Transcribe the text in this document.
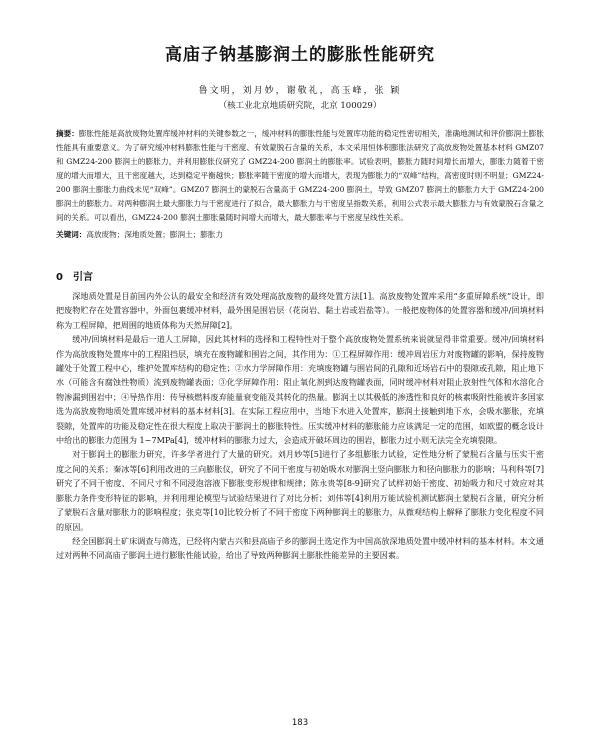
高庙子钠基膨润土的膨胀性能研究

鲁文明，刘月妙，谢敬礼，高玉峰，张 颖

（核工业北京地质研究院，北京 100029）

摘要：膨胀性能是高放废物处置库缓冲材料的关键参数之一，缓冲材料的膨胀性能与处置库功能的稳定性密切相关，准确地测试和评价膨润土膨胀性能具有重要意义。为了研究缓冲材料膨胀性能与干密度、有效蒙脱石含量的关系，本文采用恒体积膨胀法研究了高放废物处置基本材料 GMZ07 和 GMZ24-200 膨润土的膨胀力，并利用膨胀仪研究了 GMZ24-200 膨润土的膨胀率。试验表明，膨胀力随时间增长而增大，膨胀力随着干密度的增大而增大，且干密度越大，达到稳定平衡越快；膨胀率随干密度的增大而增大，表现为膨胀力的“双峰”结构，高密度时则不明显；GMZ24-200 膨润土膨胀力曲线未见“双峰”。GMZ07 膨润土的蒙脱石含量高于 GMZ24-200 膨润土，导致 GMZ07 膨润土的膨胀力大于 GMZ24-200 膨润土的膨胀力。对两种膨润土最大膨胀力与干密度进行了拟合，最大膨胀力与干密度呈指数关系，利用公式表示最大膨胀力与有效蒙脱石含量之间的关系。可以看出，GMZ24-200 膨润土膨胀量随时间增大而增大，最大膨胀率与干密度呈线性关系。

关键词：高放废物；深地质处置；膨润土；膨胀力

0 引言

深地质处置是目前国内外公认的最安全和经济有效处理高放废物的最终处置方法[1]。高放废物处置库采用“多重屏障系统”设计，即把废物贮存在处置容器中，外面包裹缓冲材料，最外围是围岩层（花岗岩、黏土岩或岩盐等）。一般把废物体的处置容器和缓冲/回填材料称为工程屏障，把周围的地质体称为天然屏障[2]。

缓冲/回填材料是最后一道人工屏障，因此其材料的选择和工程特性对于整个高放废物处置系统来说就显得非常重要。缓冲/回填材料作为高放废物处置库中的工程阻挡层，填充在废物罐和围岩之间，其作用为：①工程屏障作用：缓冲周岩压力对废物罐的影响，保持废物罐处于处置工程中心，维护处置库结构的稳定性；②水力学屏障作用：充填废物罐与围岩间的孔隙和近场岩石中的裂隙或孔隙，阻止地下水（可能含有腐蚀性物质）流到废物罐表面；③化学屏障作用：阻止氧化剂到达废物罐表面，同时缓冲材料对阻止放射性气体和水溶化合物渗漏到围岩中；④导热作用：传导核燃料废弃能量衰变能及其转化的热量。膨润土以其极低的渗透性和良好的核素吸附性能被许多国家选为高放废物地质处置库缓冲材料的基本材料[3]。在实际工程应用中，当地下水进入处置库，膨润土接触到地下水，会吸水膨胀，充填裂隙，处置库的功能及稳定性在很大程度上取决于膨润土的膨胀特性。压实缓冲材料的膨胀能力应该满足一定的范围，如欧盟的概念设计中给出的膨胀力范围为 1~7MPa[4]，缓冲材料的膨胀力过大，会造成开破坏周边的围岩，膨胀力过小则无法完全充填裂隙。

对于膨润土的膨胀力研究，许多学者进行了大量的研究。刘月妙等[5]进行了多组膨胀力试验，定性地分析了蒙脱石含量与压实干密度之间的关系；秦冰等[6]利用改进的三向膨胀仪，研究了不同干密度与初始吸水对膨润土竖向膨胀力和径向膨胀力的影响；马利科等[7]研究了不同干密度、不同尺寸和不同浸泡溶液下膨胀变形规律和规律；陈永贵等[8-9]研究了试样初始干密度、初始吸力和尺寸效应对其膨胀力条件变形特征的影响，并利用理论模型与试验结果进行了对比分析；刘伟等[4]利用万能试验机测试膨润土蒙脱石含量，研究分析了蒙脱石含量对膨胀力的影响程度；张克等[10]比较分析了不同干密度下两种膨润土的膨胀力，从微观结构上解释了膨胀力变化程度不同的原因。

经全国膨润土矿床调查与筛选，已经将内蒙古兴和县高庙子乡的膨润土选定作为中国高放深地质处置中缓冲材料的基本材料。本文通过对两种不同高庙子膨润土进行膨胀性能试验，给出了导致两种膨润土膨胀性能差异的主要因素。

183
